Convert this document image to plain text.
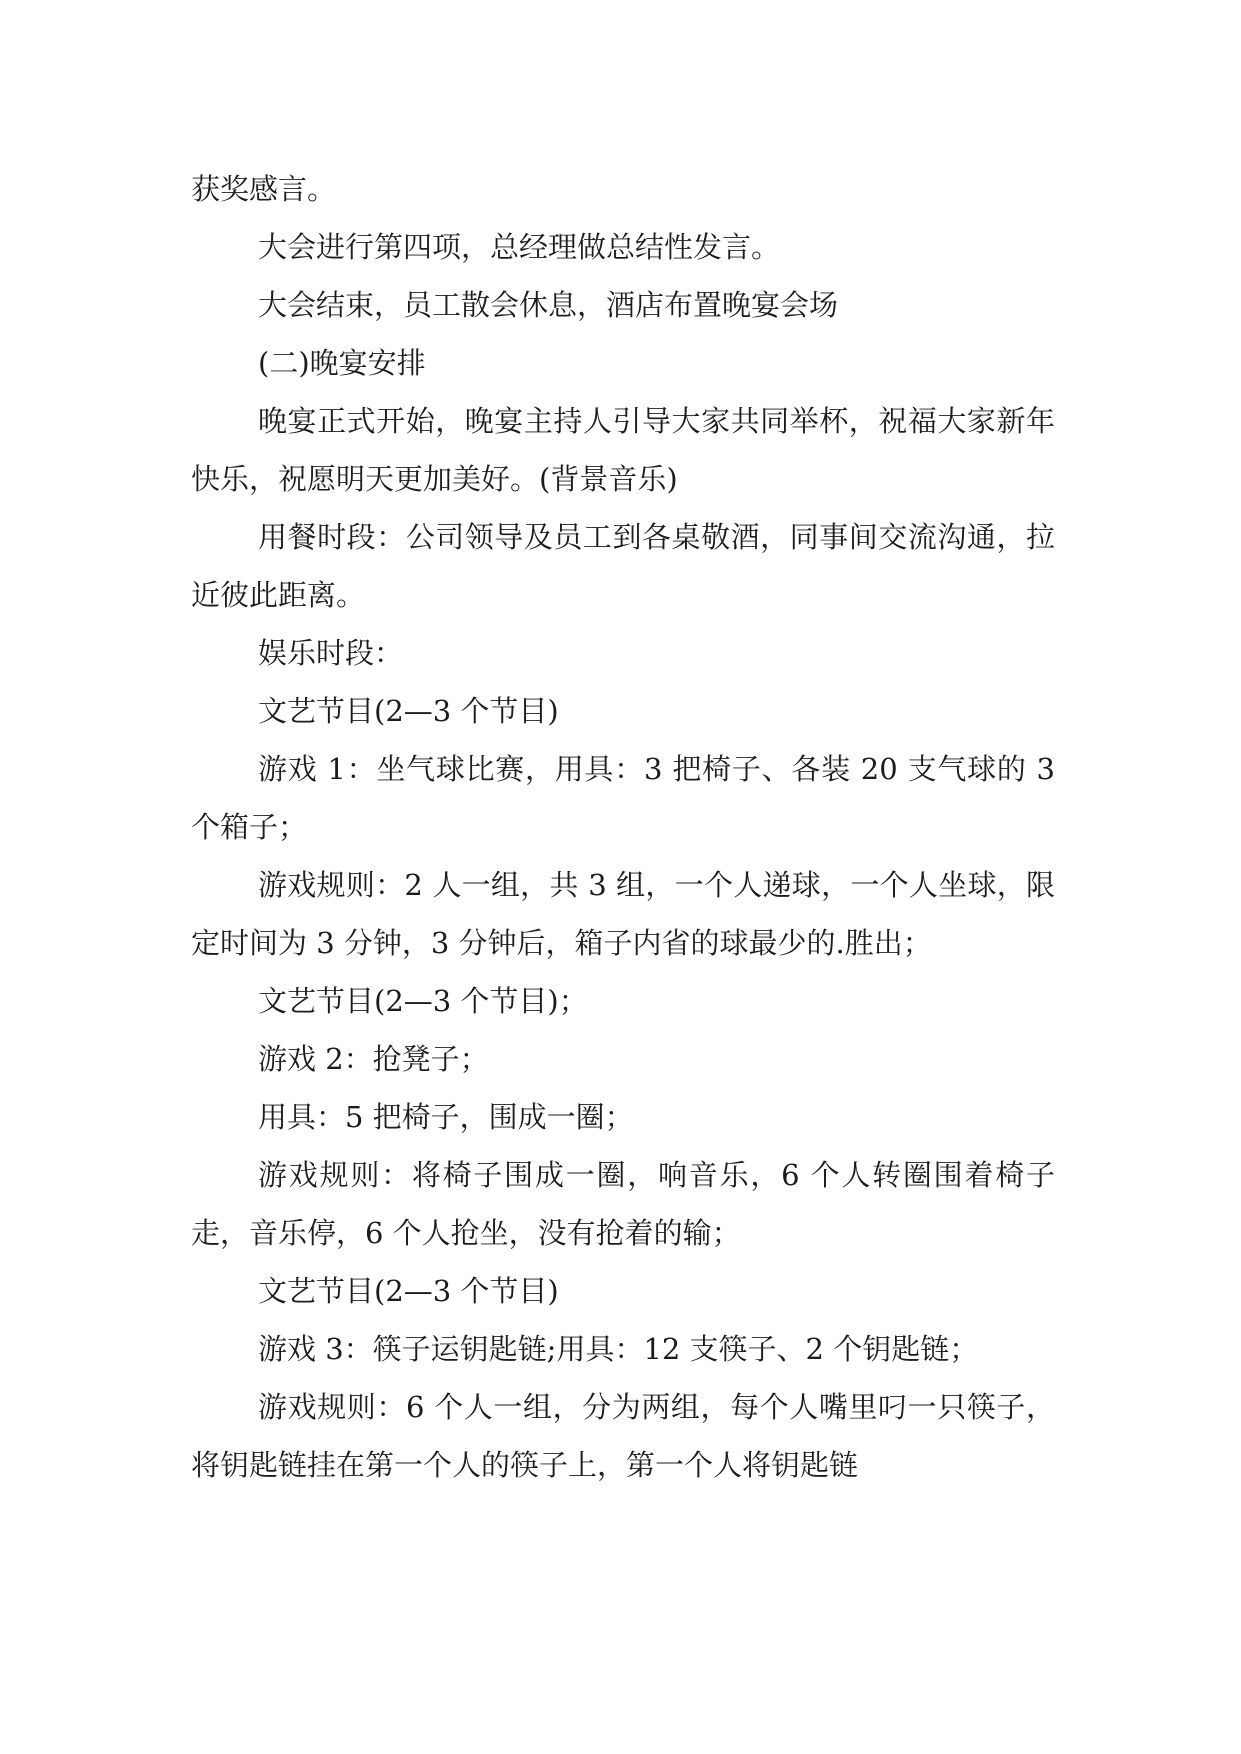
获奖感言。

大会进行第四项，总经理做总结性发言。

大会结束，员工散会休息，酒店布置晚宴会场

(二)晚宴安排

晚宴正式开始，晚宴主持人引导大家共同举杯，祝福大家新年快乐，祝愿明天更加美好。(背景音乐)

用餐时段：公司领导及员工到各桌敬酒，同事间交流沟通，拉近彼此距离。

娱乐时段：

文艺节目(2—3 个节目)

游戏 1：坐气球比赛，用具：3 把椅子、各装 20 支气球的 3 个箱子；

游戏规则：2 人一组，共 3 组，一个人递球，一个人坐球，限定时间为 3 分钟，3 分钟后，箱子内省的球最少的.胜出；

文艺节目(2—3 个节目)；

游戏 2：抢凳子；

用具：5 把椅子，围成一圈；

游戏规则：将椅子围成一圈，响音乐，6 个人转圈围着椅子走，音乐停，6 个人抢坐，没有抢着的输；

文艺节目(2—3 个节目)

游戏 3：筷子运钥匙链;用具：12 支筷子、2 个钥匙链；

游戏规则：6 个人一组，分为两组，每个人嘴里叼一只筷子，将钥匙链挂在第一个人的筷子上，第一个人将钥匙链
